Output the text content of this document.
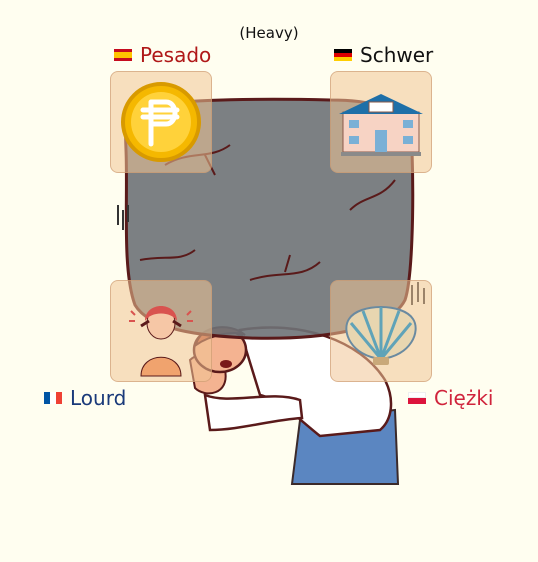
(Heavy)
Pesado	Schwer
Lourd	Ciężki
